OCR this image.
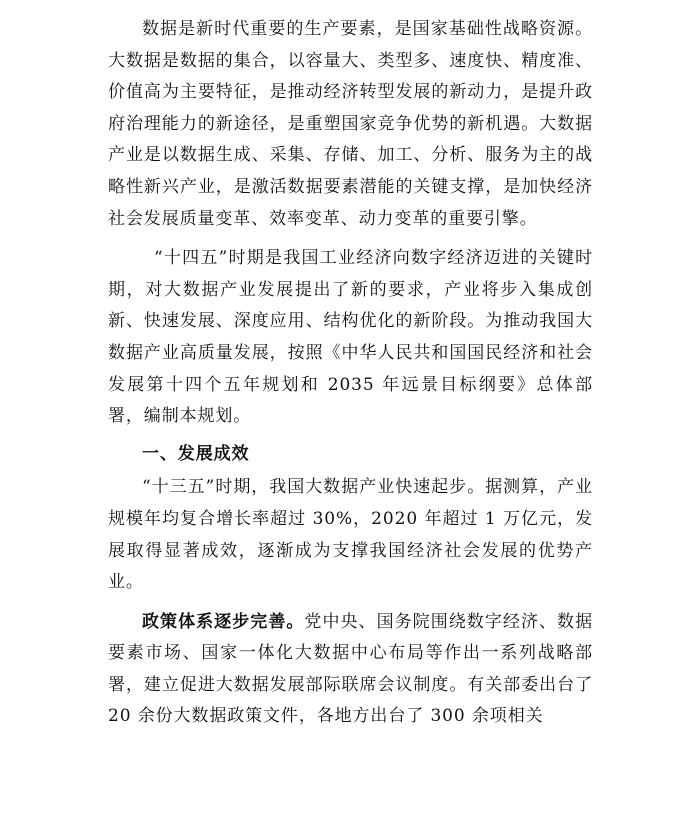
数据是新时代重要的生产要素，是国家基础性战略资源。大数据是数据的集合，以容量大、类型多、速度快、精度准、价值高为主要特征，是推动经济转型发展的新动力，是提升政府治理能力的新途径，是重塑国家竞争优势的新机遇。大数据产业是以数据生成、采集、存储、加工、分析、服务为主的战略性新兴产业，是激活数据要素潜能的关键支撑，是加快经济社会发展质量变革、效率变革、动力变革的重要引擎。

“十四五”时期是我国工业经济向数字经济迈进的关键时期，对大数据产业发展提出了新的要求，产业将步入集成创新、快速发展、深度应用、结构优化的新阶段。为推动我国大数据产业高质量发展，按照《中华人民共和国国民经济和社会发展第十四个五年规划和 2035 年远景目标纲要》总体部署，编制本规划。

一、发展成效

“十三五”时期，我国大数据产业快速起步。据测算，产业规模年均复合增长率超过 30%，2020 年超过 1 万亿元，发展取得显著成效，逐渐成为支撑我国经济社会发展的优势产业。

政策体系逐步完善。党中央、国务院围绕数字经济、数据要素市场、国家一体化大数据中心布局等作出一系列战略部署，建立促进大数据发展部际联席会议制度。有关部委出台了 20 余份大数据政策文件，各地方出台了 300 余项相关
